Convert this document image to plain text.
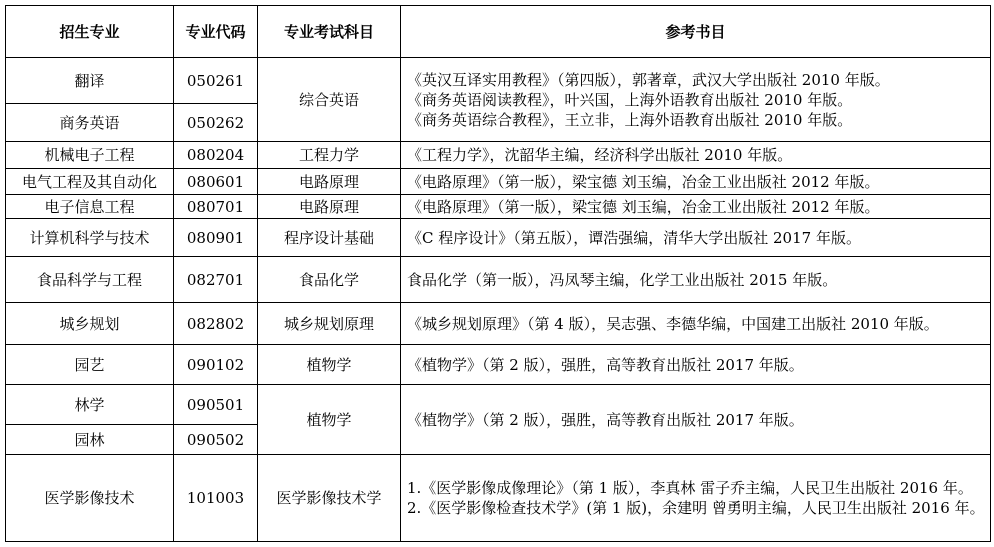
招生专业	专业代码	专业考试科目	参考书目
翻译	050261	综合英语	《英汉互译实用教程》（第四版），郭著章，武汉大学出版社 2010 年版。
《商务英语阅读教程》，叶兴国，上海外语教育出版社 2010 年版。
《商务英语综合教程》，王立非，上海外语教育出版社 2010 年版。

商务英语	050262		
机械电子工程	080204	工程力学	《工程力学》，沈韶华主编，经济科学出版社 2010 年版。

电气工程及其自动化	080601	电路原理	《电路原理》（第一版），梁宝德 刘玉编，冶金工业出版社 2012 年版。

电子信息工程	080701	电路原理	《电路原理》（第一版），梁宝德 刘玉编，冶金工业出版社 2012 年版。

计算机科学与技术	080901	程序设计基础	《C 程序设计》（第五版），谭浩强编，清华大学出版社 2017 年版。

食品科学与工程	082701	食品化学	食品化学（第一版），冯凤琴主编，化学工业出版社 2015 年版。

城乡规划	082802	城乡规划原理	《城乡规划原理》（第 4 版），吴志强、李德华编，中国建工出版社 2010 年版。

园艺	090102	植物学	《植物学》（第 2 版），强胜，高等教育出版社 2017 年版。

林学	090501	植物学	《植物学》（第 2 版），强胜，高等教育出版社 2017 年版。

园林	090502		
医学影像技术	101003	医学影像技术学	1.《医学影像成像理论》（第 1 版），李真林 雷子乔主编，人民卫生出版社 2016 年。
2.《医学影像检查技术学》(第 1 版)，余建明 曾勇明主编，人民卫生出版社 2016 年。
